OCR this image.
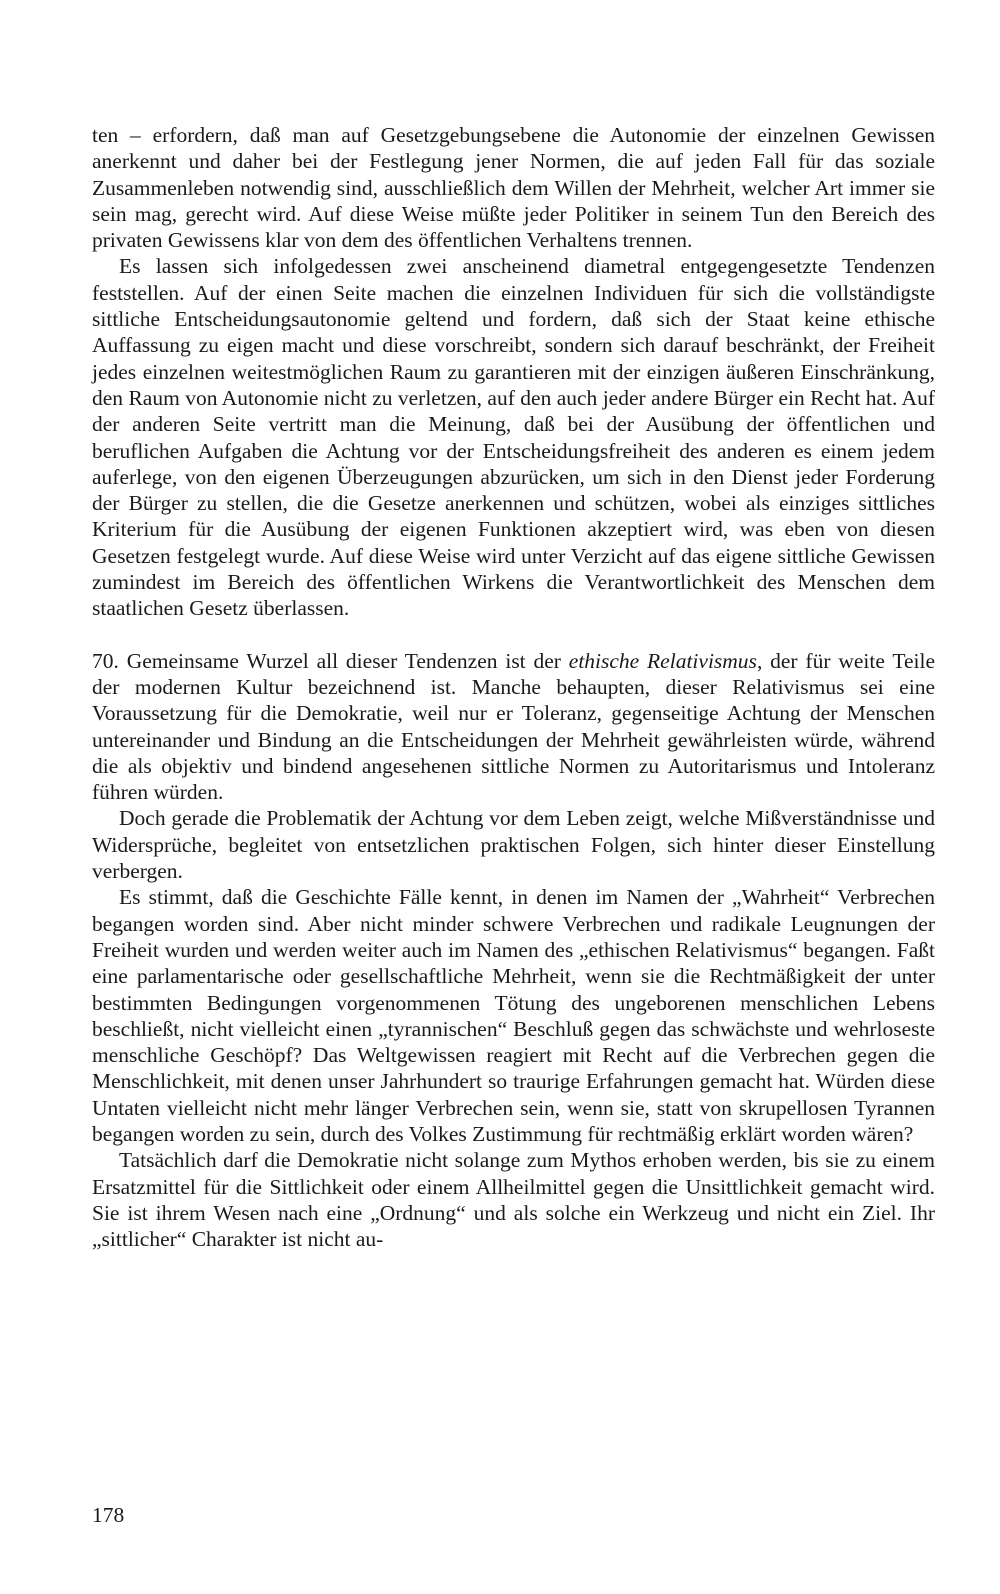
ten – erfordern, daß man auf Gesetzgebungsebene die Autonomie der einzelnen Gewissen anerkennt und daher bei der Festlegung jener Normen, die auf jeden Fall für das soziale Zusammenleben notwendig sind, ausschließlich dem Willen der Mehrheit, welcher Art immer sie sein mag, gerecht wird. Auf diese Weise müßte jeder Politiker in seinem Tun den Bereich des privaten Gewissens klar von dem des öffentlichen Verhaltens trennen.

Es lassen sich infolgedessen zwei anscheinend diametral entgegengesetzte Tendenzen feststellen. Auf der einen Seite machen die einzelnen Individuen für sich die vollständigste sittliche Entscheidungsautonomie geltend und fordern, daß sich der Staat keine ethische Auffassung zu eigen macht und diese vorschreibt, sondern sich darauf beschränkt, der Freiheit jedes einzelnen weitestmöglichen Raum zu garantieren mit der einzigen äußeren Einschränkung, den Raum von Autonomie nicht zu verletzen, auf den auch jeder andere Bürger ein Recht hat. Auf der anderen Seite vertritt man die Meinung, daß bei der Ausübung der öffentlichen und beruflichen Aufgaben die Achtung vor der Entscheidungsfreiheit des anderen es einem jedem auferlege, von den eigenen Überzeugungen abzurücken, um sich in den Dienst jeder Forderung der Bürger zu stellen, die die Gesetze anerkennen und schützen, wobei als einziges sittliches Kriterium für die Ausübung der eigenen Funktionen akzeptiert wird, was eben von diesen Gesetzen festgelegt wurde. Auf diese Weise wird unter Verzicht auf das eigene sittliche Gewissen zumindest im Bereich des öffentlichen Wirkens die Verantwortlichkeit des Menschen dem staatlichen Gesetz überlassen.

70. Gemeinsame Wurzel all dieser Tendenzen ist der ethische Relativismus, der für weite Teile der modernen Kultur bezeichnend ist. Manche behaupten, dieser Relativismus sei eine Voraussetzung für die Demokratie, weil nur er Toleranz, gegenseitige Achtung der Menschen untereinander und Bindung an die Entscheidungen der Mehrheit gewährleisten würde, während die als objektiv und bindend angesehenen sittliche Normen zu Autoritarismus und Intoleranz führen würden.

Doch gerade die Problematik der Achtung vor dem Leben zeigt, welche Mißverständnisse und Widersprüche, begleitet von entsetzlichen praktischen Folgen, sich hinter dieser Einstellung verbergen.

Es stimmt, daß die Geschichte Fälle kennt, in denen im Namen der „Wahrheit“ Verbrechen begangen worden sind. Aber nicht minder schwere Verbrechen und radikale Leugnungen der Freiheit wurden und werden weiter auch im Namen des „ethischen Relativismus“ begangen. Faßt eine parlamentarische oder gesellschaftliche Mehrheit, wenn sie die Rechtmäßigkeit der unter bestimmten Bedingungen vorgenommenen Tötung des ungeborenen menschlichen Lebens beschließt, nicht vielleicht einen „tyrannischen“ Beschluß gegen das schwächste und wehrloseste menschliche Geschöpf? Das Weltgewissen reagiert mit Recht auf die Verbrechen gegen die Menschlichkeit, mit denen unser Jahrhundert so traurige Erfahrungen gemacht hat. Würden diese Untaten vielleicht nicht mehr länger Verbrechen sein, wenn sie, statt von skrupellosen Tyrannen begangen worden zu sein, durch des Volkes Zustimmung für rechtmäßig erklärt worden wären?

Tatsächlich darf die Demokratie nicht solange zum Mythos erhoben werden, bis sie zu einem Ersatzmittel für die Sittlichkeit oder einem Allheilmittel gegen die Unsittlichkeit gemacht wird. Sie ist ihrem Wesen nach eine „Ordnung“ und als solche ein Werkzeug und nicht ein Ziel. Ihr „sittlicher“ Charakter ist nicht au-

178
